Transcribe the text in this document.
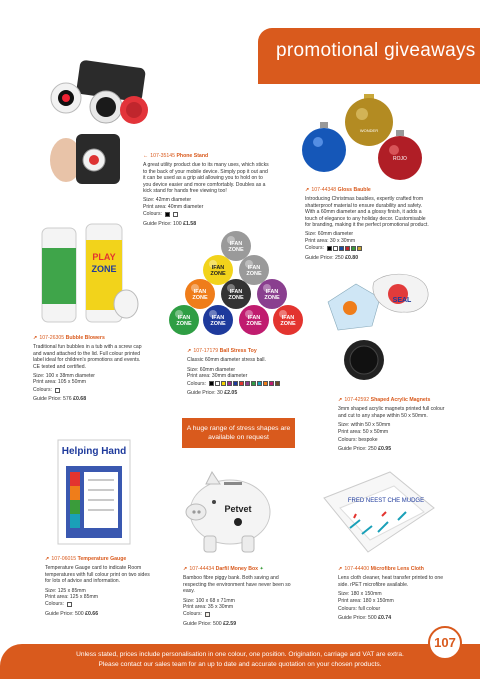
promotional giveaways
← 107-35145 Phone Stand

A great utility product due to its many uses, which sticks to the back of your mobile device. Simply pop it out and it can be used as a grip aid allowing you to hold on to you device easier and more comfortably. Doubles as a kick stand for hands free viewing too!

Size: 42mm diameter
Print area: 40mm diameter
Colours:
Guide Price: 100 £1.58
WONDER
ROJO
↗ 107-44348 Gloss Bauble

Introducing Christmas baubles, expertly crafted from shatterproof material to ensure durability and safety. With a 60mm diameter and a glossy finish, it adds a touch of elegance to any holiday decor. Customisable for branding, making it the perfect promotional product.

Size: 60mm diameter
Print area: 30 x 30mm
Colours:
Guide Price: 250 £0.80
PLAY
ZONE
↗ 107-26305 Bubble Blowers

Traditional fun bubbles in a tub with a screw cap and wand attached to the lid. Full colour printed label ideal for children's promotions and events. CE tested and certified.

Size: 100 x 38mm diameter
Print area: 105 x 50mm
Colours:
Guide Price: 576 £0.68
IFAN
ZONE
IFAN
ZONE
IFAN
ZONE
IFAN
ZONE
IFAN
ZONE
IFAN
ZONE
IFAN
ZONE
IFAN
ZONE
IFAN
ZONE
IFAN
ZONE
↗ 107-17179 Ball Stress Toy

Classic 60mm diameter stress ball.

Size: 60mm diameter
Print area: 30mm diameter
Colours:
Guide Price: 30 £2.05
SEAL
↗ 107-42592 Shaped Acrylic Magnets

3mm shaped acrylic magnets printed full colour and cut to any shape within 50 x 50mm.

Size: within 50 x 50mm
Print area: 50 x 50mm
Colours: bespoke
Guide Price: 250 £0.95
A huge range of stress shapes are available on request
Helping Hand
↗ 107-06015 Temperature Gauge

Temperature Gauge card to indicate Room temperatures with full colour print on two sides for lots of advice and information.

Size: 125 x 85mm
Print area: 125 x 85mm
Colours:
Guide Price: 500 £0.66
Petvet
↗ 107-44434 Darfil Money Box ✦

Bamboo fibre piggy bank. Both saving and respecting the environment have never been so easy.

Size: 100 x 68 x 71mm
Print area: 35 x 30mm
Colours:
Guide Price: 500 £2.59
FRED NEEST CHE MUDGE
↗ 107-44400 Microfibre Lens Cloth

Lens cloth cleaner, heat transfer printed to one side. rPET microfibre available.

Size: 180 x 150mm
Print area: 180 x 150mm
Colours: full colour
Guide Price: 500 £0.74
Unless stated, prices include personalisation in one colour, one position. Origination, carriage and VAT are extra.
Please contact our sales team for an up to date and accurate quotation on your chosen products.
107
